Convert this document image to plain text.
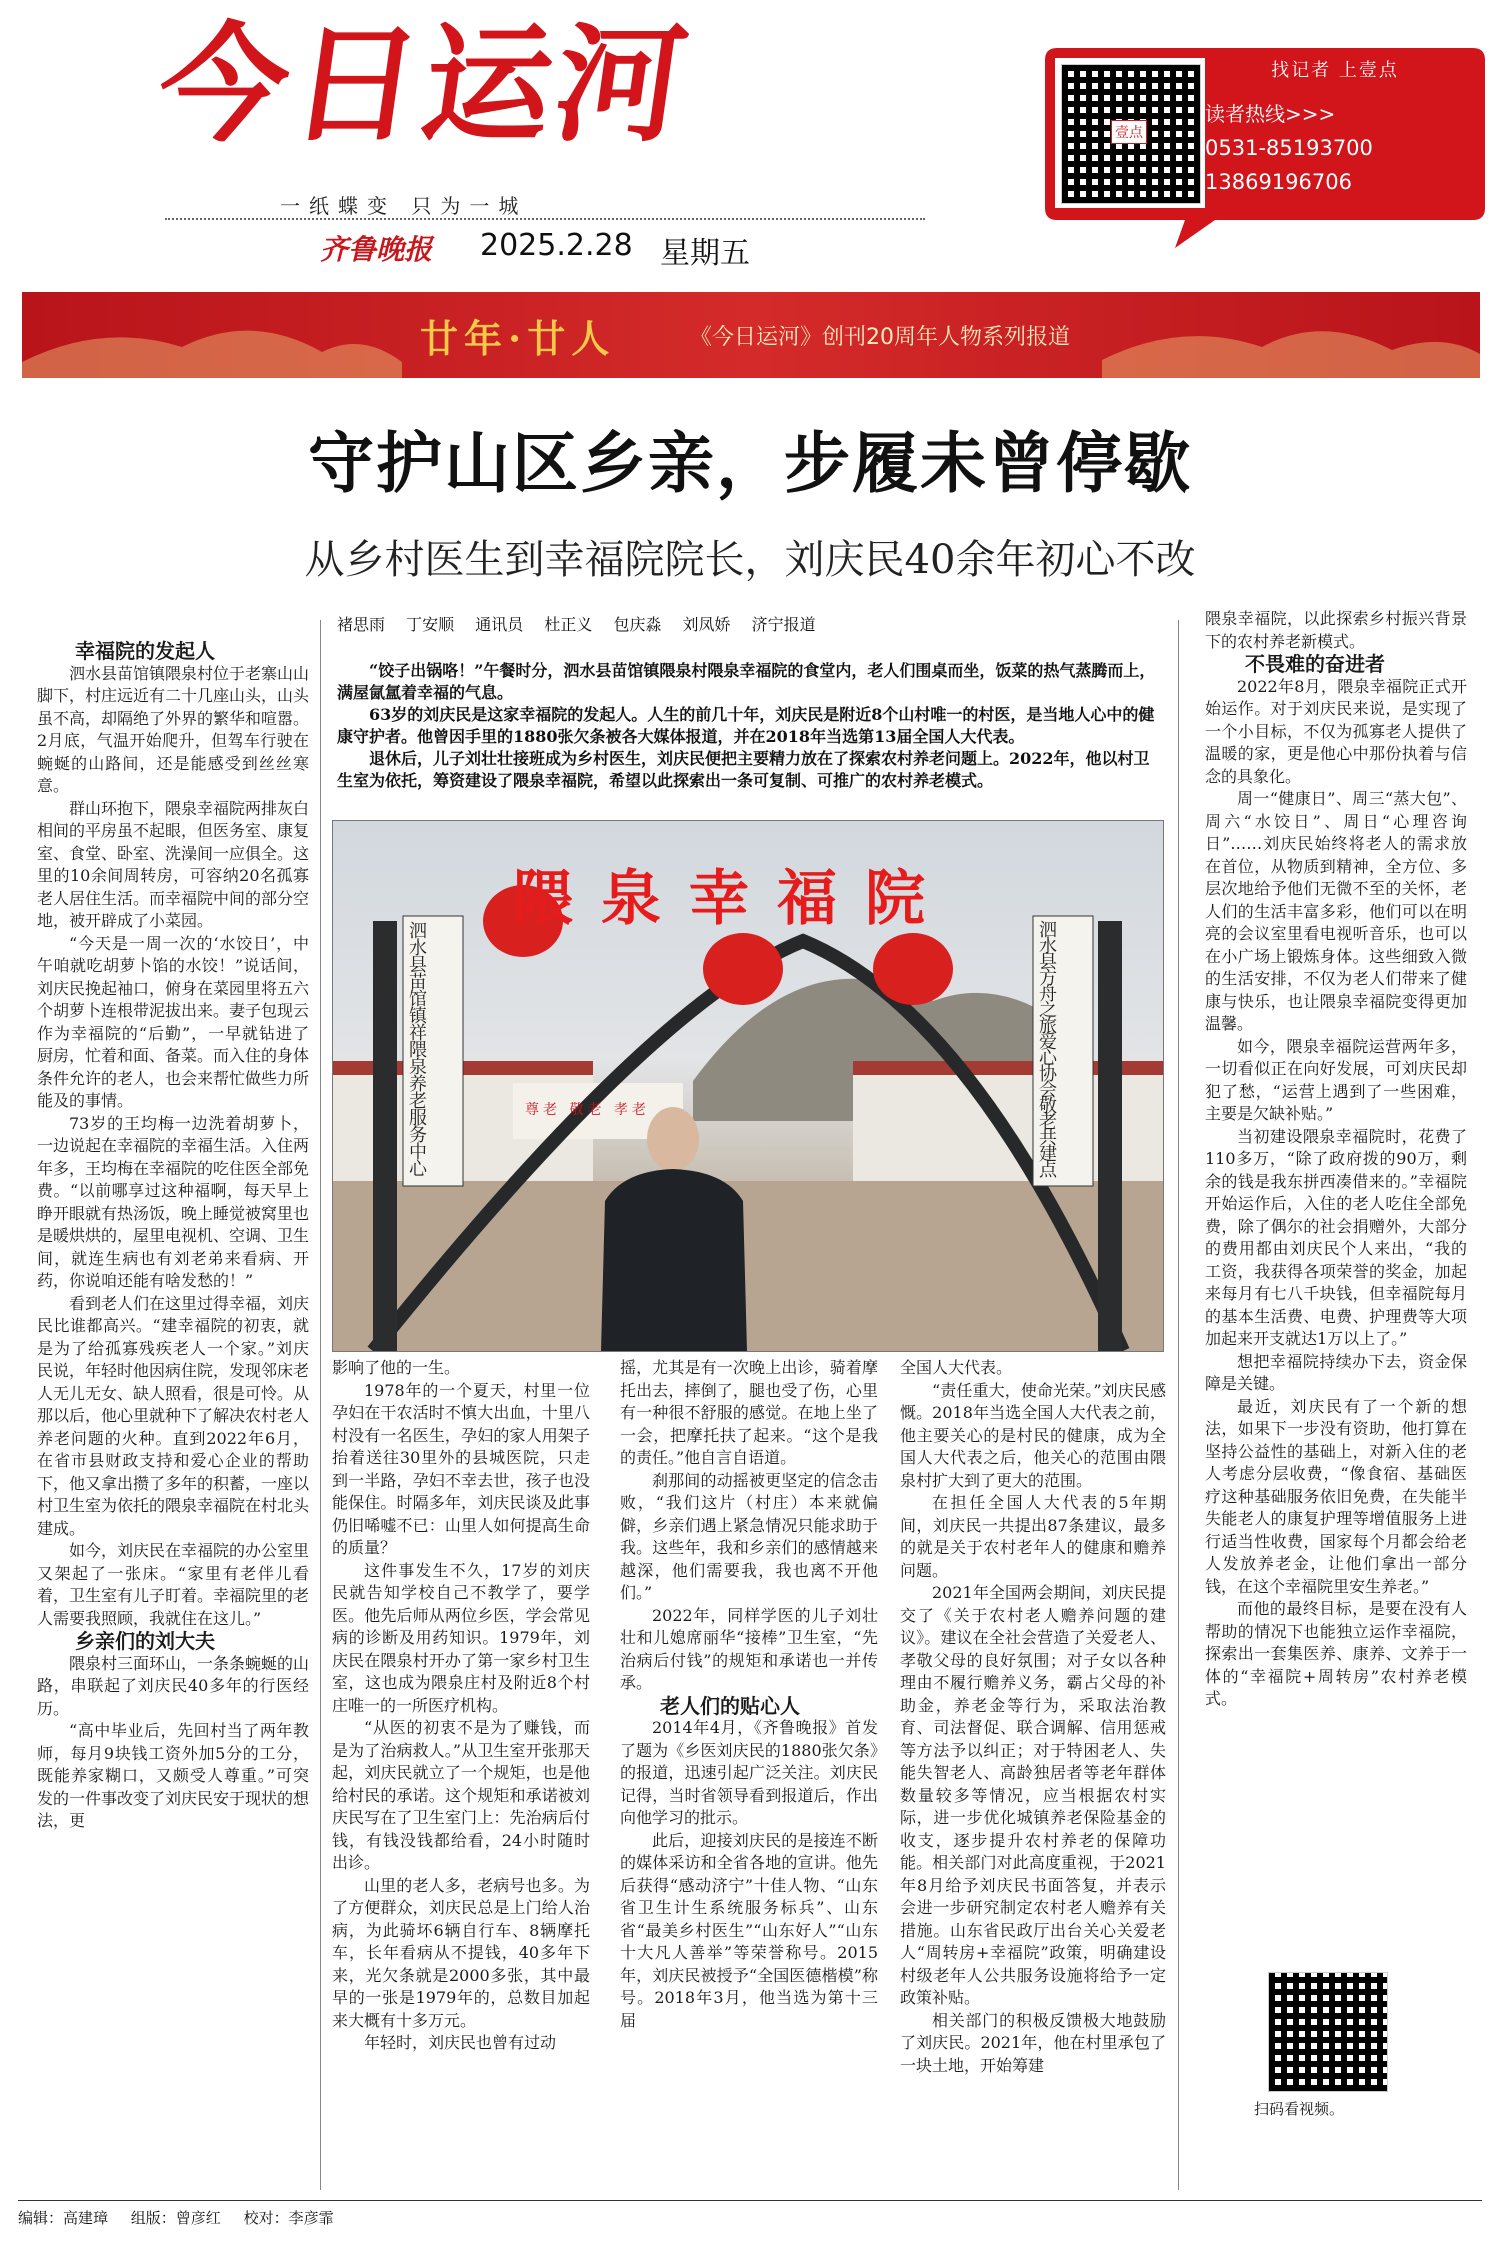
今日运河
一纸蝶变 只为一城
齐鲁晚报 2025.2.28 星期五
壹点
找记者 上壹点
读者热线>>>
0531-85193700
13869196706
廿年·廿人	《今日运河》创刊20周年人物系列报道
守护山区乡亲，步履未曾停歇
从乡村医生到幸福院院长，刘庆民40余年初心不改
褚思雨 丁安顺 通讯员 杜正义 包庆淼 刘凤娇 济宁报道

“饺子出锅咯！”午餐时分，泗水县苗馆镇隈泉村隈泉幸福院的食堂内，老人们围桌而坐，饭菜的热气蒸腾而上，满屋氤氲着幸福的气息。

63岁的刘庆民是这家幸福院的发起人。人生的前几十年，刘庆民是附近8个山村唯一的村医，是当地人心中的健康守护者。他曾因手里的1880张欠条被各大媒体报道，并在2018年当选第13届全国人大代表。

退休后，儿子刘壮壮接班成为乡村医生，刘庆民便把主要精力放在了探索农村养老问题上。2022年，他以村卫生室为依托，筹资建设了隈泉幸福院，希望以此探索出一条可复制、可推广的农村养老模式。

隈泉幸福院
泗水县苗馆镇祥隈泉养老服务中心
泗水县方舟之旅爱心协会敬老共建点
尊老 敬老 孝老

幸福院的发起人

泗水县苗馆镇隈泉村位于老寨山山脚下，村庄远近有二十几座山头，山头虽不高，却隔绝了外界的繁华和喧嚣。2月底，气温开始爬升，但驾车行驶在蜿蜒的山路间，还是能感受到丝丝寒意。

群山环抱下，隈泉幸福院两排灰白相间的平房虽不起眼，但医务室、康复室、食堂、卧室、洗澡间一应俱全。这里的10余间周转房，可容纳20名孤寡老人居住生活。而幸福院中间的部分空地，被开辟成了小菜园。

“今天是一周一次的‘水饺日’，中午咱就吃胡萝卜馅的水饺！”说话间，刘庆民挽起袖口，俯身在菜园里将五六个胡萝卜连根带泥拔出来。妻子包现云作为幸福院的“后勤”，一早就钻进了厨房，忙着和面、备菜。而入住的身体条件允许的老人，也会来帮忙做些力所能及的事情。

73岁的王均梅一边洗着胡萝卜，一边说起在幸福院的幸福生活。入住两年多，王均梅在幸福院的吃住医全部免费。“以前哪享过这种福啊，每天早上睁开眼就有热汤饭，晚上睡觉被窝里也是暖烘烘的，屋里电视机、空调、卫生间，就连生病也有刘老弟来看病、开药，你说咱还能有啥发愁的！”

看到老人们在这里过得幸福，刘庆民比谁都高兴。“建幸福院的初衷，就是为了给孤寡残疾老人一个家。”刘庆民说，年轻时他因病住院，发现邻床老人无儿无女、缺人照看，很是可怜。从那以后，他心里就种下了解决农村老人养老问题的火种。直到2022年6月，在省市县财政支持和爱心企业的帮助下，他又拿出攒了多年的积蓄，一座以村卫生室为依托的隈泉幸福院在村北头建成。

如今，刘庆民在幸福院的办公室里又架起了一张床。“家里有老伴儿看着，卫生室有儿子盯着。幸福院里的老人需要我照顾，我就住在这儿。”

乡亲们的刘大夫

隈泉村三面环山，一条条蜿蜒的山路，串联起了刘庆民40多年的行医经历。

“高中毕业后，先回村当了两年教师，每月9块钱工资外加5分的工分，既能养家糊口，又颇受人尊重。”可突发的一件事改变了刘庆民安于现状的想法，更

影响了他的一生。

1978年的一个夏天，村里一位孕妇在干农活时不慎大出血，十里八村没有一名医生，孕妇的家人用架子抬着送往30里外的县城医院，只走到一半路，孕妇不幸去世，孩子也没能保住。时隔多年，刘庆民谈及此事仍旧唏嘘不已：山里人如何提高生命的质量？

这件事发生不久，17岁的刘庆民就告知学校自己不教学了，要学医。他先后师从两位乡医，学会常见病的诊断及用药知识。1979年，刘庆民在隈泉村开办了第一家乡村卫生室，这也成为隈泉庄村及附近8个村庄唯一的一所医疗机构。

“从医的初衷不是为了赚钱，而是为了治病救人。”从卫生室开张那天起，刘庆民就立了一个规矩，也是他给村民的承诺。这个规矩和承诺被刘庆民写在了卫生室门上：先治病后付钱，有钱没钱都给看，24小时随时出诊。

山里的老人多，老病号也多。为了方便群众，刘庆民总是上门给人治病，为此骑坏6辆自行车、8辆摩托车，长年看病从不提钱，40多年下来，光欠条就是2000多张，其中最早的一张是1979年的，总数目加起来大概有十多万元。

年轻时，刘庆民也曾有过动

摇，尤其是有一次晚上出诊，骑着摩托出去，摔倒了，腿也受了伤，心里有一种很不舒服的感觉。在地上坐了一会，把摩托扶了起来。“这个是我的责任。”他自言自语道。

刹那间的动摇被更坚定的信念击败，“我们这片（村庄）本来就偏僻，乡亲们遇上紧急情况只能求助于我。这些年，我和乡亲们的感情越来越深，他们需要我，我也离不开他们。”

2022年，同样学医的儿子刘壮壮和儿媳席丽华“接棒”卫生室，“先治病后付钱”的规矩和承诺也一并传承。

老人们的贴心人

2014年4月，《齐鲁晚报》首发了题为《乡医刘庆民的1880张欠条》的报道，迅速引起广泛关注。刘庆民记得，当时省领导看到报道后，作出向他学习的批示。

此后，迎接刘庆民的是接连不断的媒体采访和全省各地的宣讲。他先后获得“感动济宁”十佳人物、“山东省卫生计生系统服务标兵”、山东省“最美乡村医生”“山东好人”“山东十大凡人善举”等荣誉称号。2015年，刘庆民被授予“全国医德楷模”称号。2018年3月，他当选为第十三届

全国人大代表。

“责任重大，使命光荣。”刘庆民感慨。2018年当选全国人大代表之前，他主要关心的是村民的健康，成为全国人大代表之后，他关心的范围由隈泉村扩大到了更大的范围。

在担任全国人大代表的5年期间，刘庆民一共提出87条建议，最多的就是关于农村老年人的健康和赡养问题。

2021年全国两会期间，刘庆民提交了《关于农村老人赡养问题的建议》。建议在全社会营造了关爱老人、孝敬父母的良好氛围；对子女以各种理由不履行赡养义务，霸占父母的补助金，养老金等行为，采取法治教育、司法督促、联合调解、信用惩戒等方法予以纠正；对于特困老人、失能失智老人、高龄独居者等老年群体数量较多等情况，应当根据农村实际，进一步优化城镇养老保险基金的收支，逐步提升农村养老的保障功能。相关部门对此高度重视，于2021年8月给予刘庆民书面答复，并表示会进一步研究制定农村老人赡养有关措施。山东省民政厅出台关心关爱老人“周转房+幸福院”政策，明确建设村级老年人公共服务设施将给予一定政策补贴。

相关部门的积极反馈极大地鼓励了刘庆民。2021年，他在村里承包了一块土地，开始筹建

隈泉幸福院，以此探索乡村振兴背景下的农村养老新模式。

不畏难的奋进者

2022年8月，隈泉幸福院正式开始运作。对于刘庆民来说，是实现了一个小目标，不仅为孤寡老人提供了温暖的家，更是他心中那份执着与信念的具象化。

周一“健康日”、周三“蒸大包”、周六“水饺日”、周日“心理咨询日”……刘庆民始终将老人的需求放在首位，从物质到精神，全方位、多层次地给予他们无微不至的关怀，老人们的生活丰富多彩，他们可以在明亮的会议室里看电视听音乐，也可以在小广场上锻炼身体。这些细致入微的生活安排，不仅为老人们带来了健康与快乐，也让隈泉幸福院变得更加温馨。

如今，隈泉幸福院运营两年多，一切看似正在向好发展，可刘庆民却犯了愁，“运营上遇到了一些困难，主要是欠缺补贴。”

当初建设隈泉幸福院时，花费了110多万，“除了政府拨的90万，剩余的钱是我东拼西凑借来的。”幸福院开始运作后，入住的老人吃住全部免费，除了偶尔的社会捐赠外，大部分的费用都由刘庆民个人来出，“我的工资，我获得各项荣誉的奖金，加起来每月有七八千块钱，但幸福院每月的基本生活费、电费、护理费等大项加起来开支就达1万以上了。”

想把幸福院持续办下去，资金保障是关键。

最近，刘庆民有了一个新的想法，如果下一步没有资助，他打算在坚持公益性的基础上，对新入住的老人考虑分层收费，“像食宿、基础医疗这种基础服务依旧免费，在失能半失能老人的康复护理等增值服务上进行适当性收费，国家每个月都会给老人发放养老金，让他们拿出一部分钱，在这个幸福院里安生养老。”

而他的最终目标，是要在没有人帮助的情况下也能独立运作幸福院，探索出一套集医养、康养、文养于一体的“幸福院+周转房”农村养老模式。

扫码看视频。
编辑：高建璋 组版：曾彦红 校对：李彦霏
